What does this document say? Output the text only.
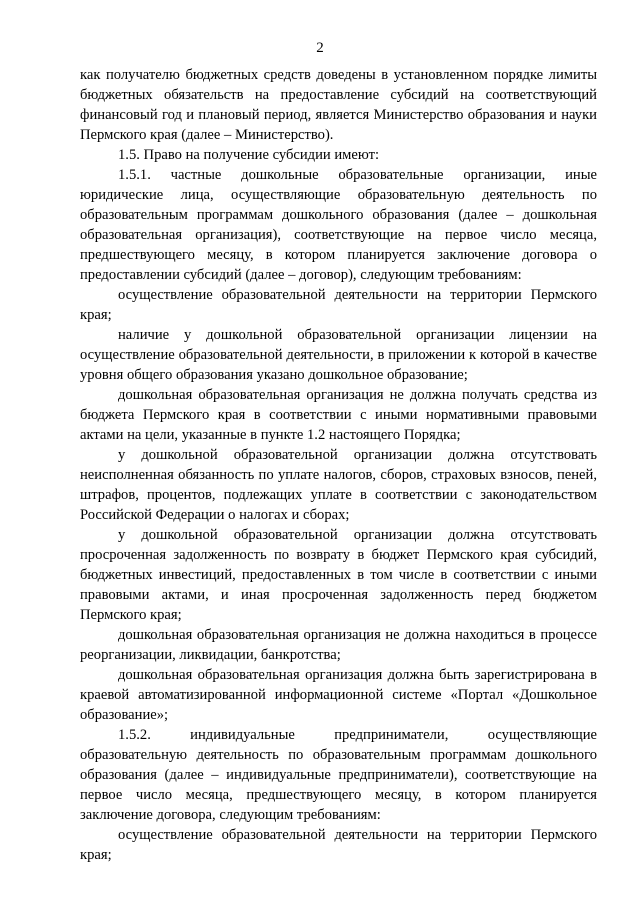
2

как получателю бюджетных средств доведены в установленном порядке лимиты бюджетных обязательств на предоставление субсидий на соответствующий финансовый год и плановый период, является Министерство образования и науки Пермского края (далее – Министерство).

1.5. Право на получение субсидии имеют:

1.5.1. частные дошкольные образовательные организации, иные юридические лица, осуществляющие образовательную деятельность по образовательным программам дошкольного образования (далее – дошкольная образовательная организация), соответствующие на первое число месяца, предшествующего месяцу, в котором планируется заключение договора о предоставлении субсидий (далее – договор), следующим требованиям:

осуществление образовательной деятельности на территории Пермского края;

наличие у дошкольной образовательной организации лицензии на осуществление образовательной деятельности, в приложении к которой в качестве уровня общего образования указано дошкольное образование;

дошкольная образовательная организация не должна получать средства из бюджета Пермского края в соответствии с иными нормативными правовыми актами на цели, указанные в пункте 1.2 настоящего Порядка;

у дошкольной образовательной организации должна отсутствовать неисполненная обязанность по уплате налогов, сборов, страховых взносов, пеней, штрафов, процентов, подлежащих уплате в соответствии с законодательством Российской Федерации о налогах и сборах;

у дошкольной образовательной организации должна отсутствовать просроченная задолженность по возврату в бюджет Пермского края субсидий, бюджетных инвестиций, предоставленных в том числе в соответствии с иными правовыми актами, и иная просроченная задолженность перед бюджетом Пермского края;

дошкольная образовательная организация не должна находиться в процессе реорганизации, ликвидации, банкротства;

дошкольная образовательная организация должна быть зарегистрирована в краевой автоматизированной информационной системе «Портал «Дошкольное образование»;

1.5.2. индивидуальные предприниматели, осуществляющие образовательную деятельность по образовательным программам дошкольного образования (далее – индивидуальные предприниматели), соответствующие на первое число месяца, предшествующего месяцу, в котором планируется заключение договора, следующим требованиям:

осуществление образовательной деятельности на территории Пермского края;
